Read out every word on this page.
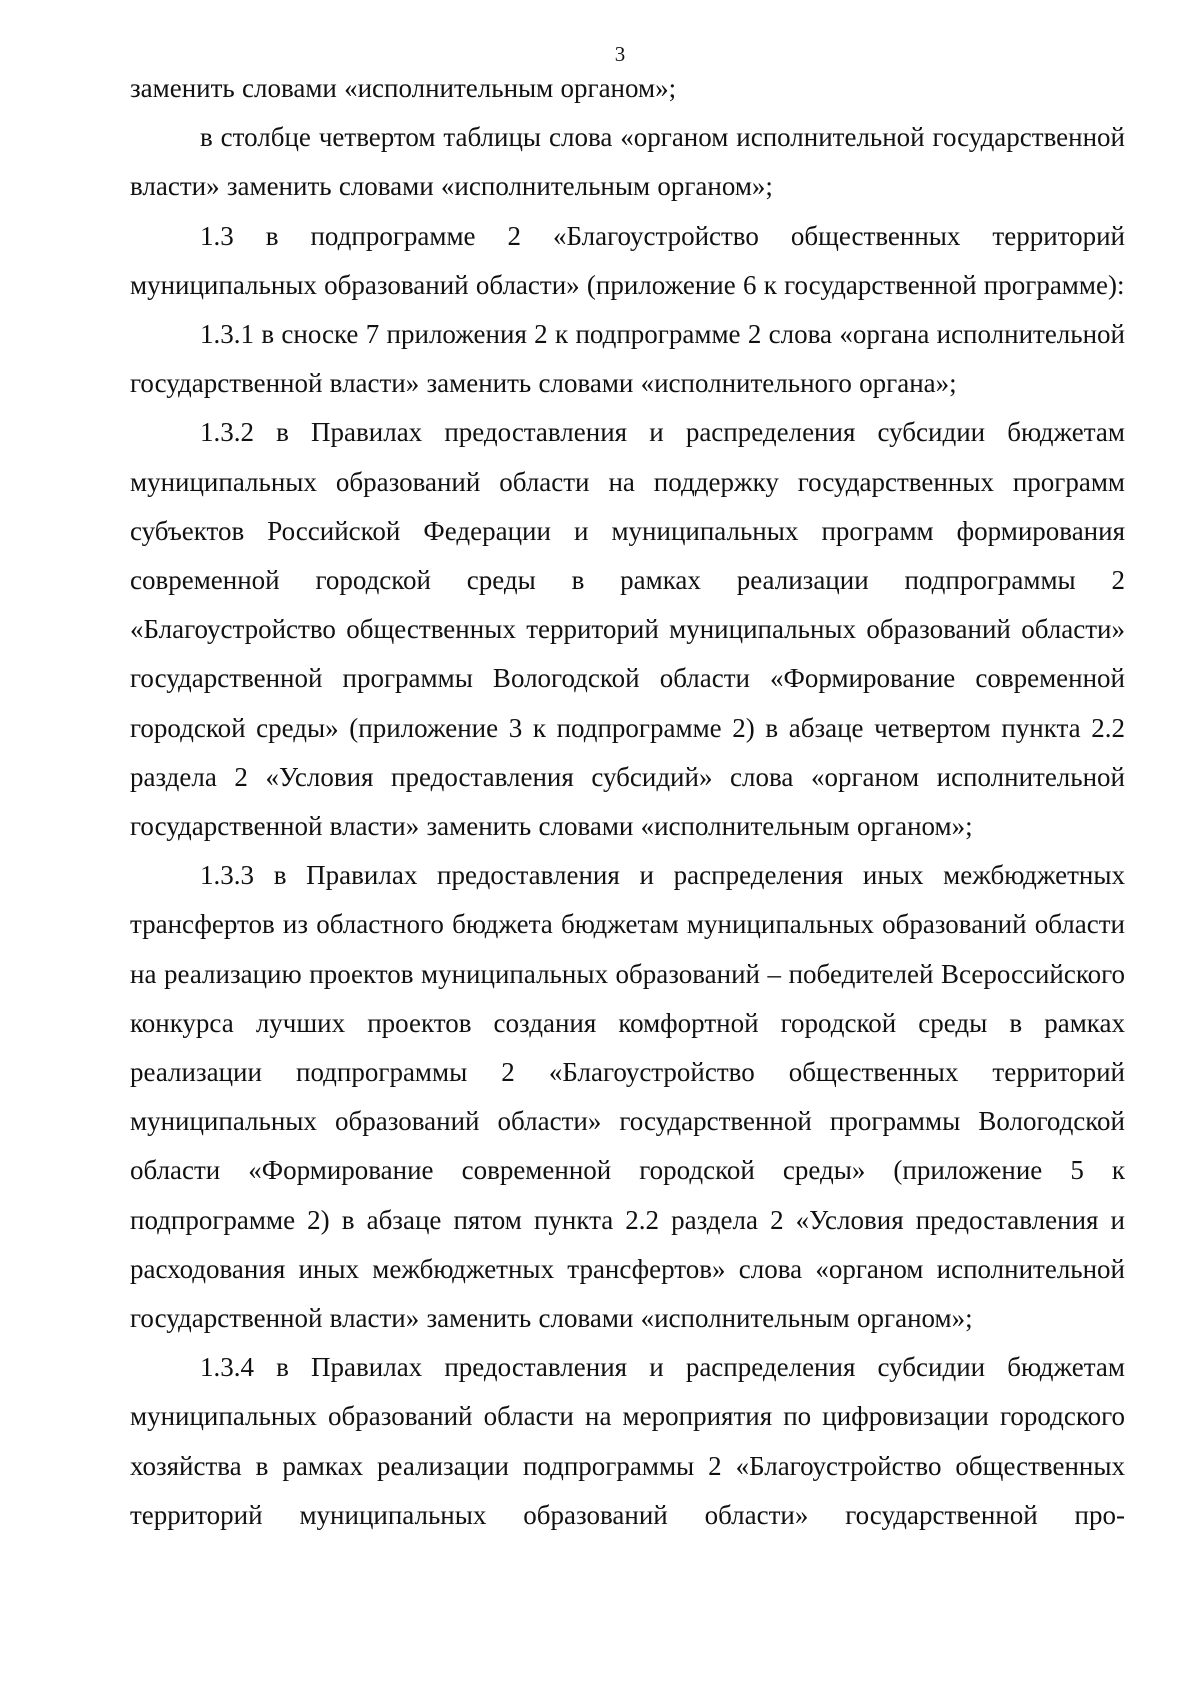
3

заменить словами «исполнительным органом»;

в столбце четвертом таблицы слова «органом исполнительной государственной власти» заменить словами «исполнительным органом»;

1.3 в подпрограмме 2 «Благоустройство общественных территорий муниципальных образований области» (приложение 6 к государственной программе):

1.3.1 в сноске 7 приложения 2 к подпрограмме 2 слова «органа исполнительной государственной власти» заменить словами «исполнительного органа»;

1.3.2 в Правилах предоставления и распределения субсидии бюджетам муниципальных образований области на поддержку государственных программ субъектов Российской Федерации и муниципальных программ формирования современной городской среды в рамках реализации подпрограммы 2 «Благоустройство общественных территорий муниципальных образований области» государственной программы Вологодской области «Формирование современной городской среды» (приложение 3 к подпрограмме 2) в абзаце четвертом пункта 2.2 раздела 2 «Условия предоставления субсидий» слова «органом исполнительной государственной власти» заменить словами «исполнительным органом»;

1.3.3 в Правилах предоставления и распределения иных межбюджетных трансфертов из областного бюджета бюджетам муниципальных образований области на реализацию проектов муниципальных образований – победителей Всероссийского конкурса лучших проектов создания комфортной городской среды в рамках реализации подпрограммы 2 «Благоустройство общественных территорий муниципальных образований области» государственной программы Вологодской области «Формирование современной городской среды» (приложение 5 к подпрограмме 2) в абзаце пятом пункта 2.2 раздела 2 «Условия предоставления и расходования иных межбюджетных трансфертов» слова «органом исполнительной государственной власти» заменить словами «исполнительным органом»;

1.3.4 в Правилах предоставления и распределения субсидии бюджетам муниципальных образований области на мероприятия по цифровизации городского хозяйства в рамках реализации подпрограммы 2 «Благоустройство общественных территорий муниципальных образований области» государственной про-
